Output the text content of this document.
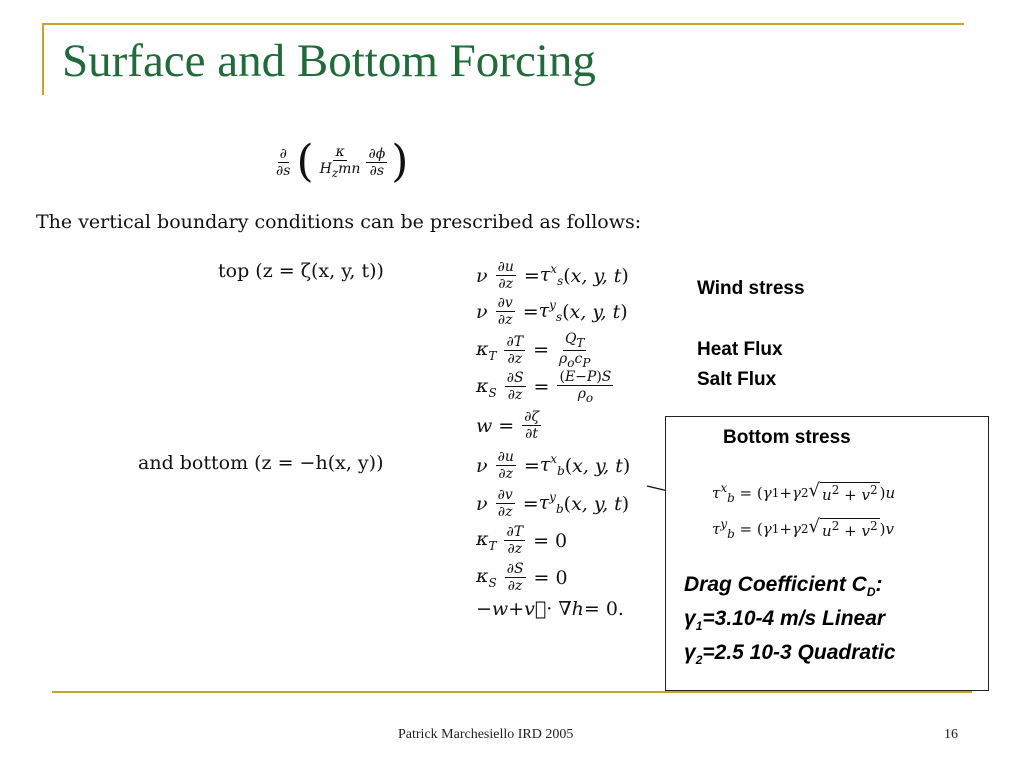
Surface and Bottom Forcing
$\frac{\partial}{\partial s}$ ( $\frac{\kappa}{H_zmn} \frac{\partial\phi}{\partial s}$ )
The vertical boundary conditions can be prescribed as follows:
top (z = ζ(x, y, t))
and bottom (z = −h(x, y))
ν $\frac{\partial u}{\partial z} = \tau^x_s$ ( x, y, t )
ν $\frac{\partial v}{\partial z} = \tau^y_s$ ( x, y, t )
$\kappa_T \frac{\partial T}{\partial z} = \frac{Q_T}{\rho_oc_P}$
$\kappa_S \frac{\partial S}{\partial z} = \frac{(E-P)S}{\rho_o}$
$w = \frac{\partial\zeta}{\partial t}$
ν $\frac{\partial u}{\partial z} = \tau^x_b$ ( x, y, t )
ν $\frac{\partial v}{\partial z} = \tau^y_b$ ( x, y, t )
$\kappa_T \frac{\partial T}{\partial z} = 0$
$\kappa_S \frac{\partial S}{\partial z} = 0$
− w + v⃗ · ∇ h = 0.
Wind stress
Heat Flux
Salt Flux
Bottom stress
$\tau^x_b$ = ( γ 1 + γ 2 √ $u^2 + v^2$ ) u
$\tau^y_b$ = ( γ 1 + γ 2 √ $u^2 + v^2$ ) v
Drag Coefficient $C_D$:
$\gamma_1=3.10-4$ m/s Linear
$\gamma_2=2.5$ 10-3 Quadratic
Patrick Marchesiello IRD 2005	16
